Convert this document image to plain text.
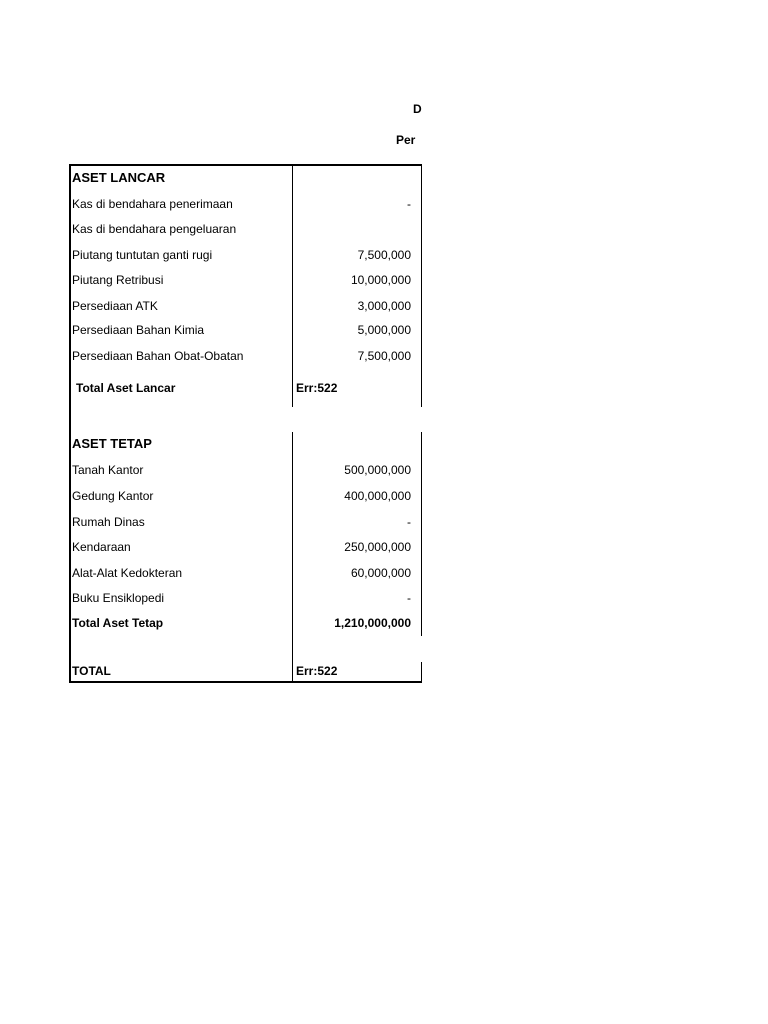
D
Per
ASET LANCAR
Kas di bendahara penerimaan	-
Kas di bendahara pengeluaran
Piutang tuntutan ganti rugi	7,500,000
Piutang Retribusi	10,000,000
Persediaan ATK	3,000,000
Persediaan Bahan Kimia	5,000,000
Persediaan Bahan Obat-Obatan	7,500,000
Total Aset Lancar	Err:522
ASET TETAP
Tanah Kantor	500,000,000
Gedung Kantor	400,000,000
Rumah Dinas	-
Kendaraan	250,000,000
Alat-Alat Kedokteran	60,000,000
Buku Ensiklopedi	-
Total Aset Tetap	1,210,000,000
TOTAL	Err:522
